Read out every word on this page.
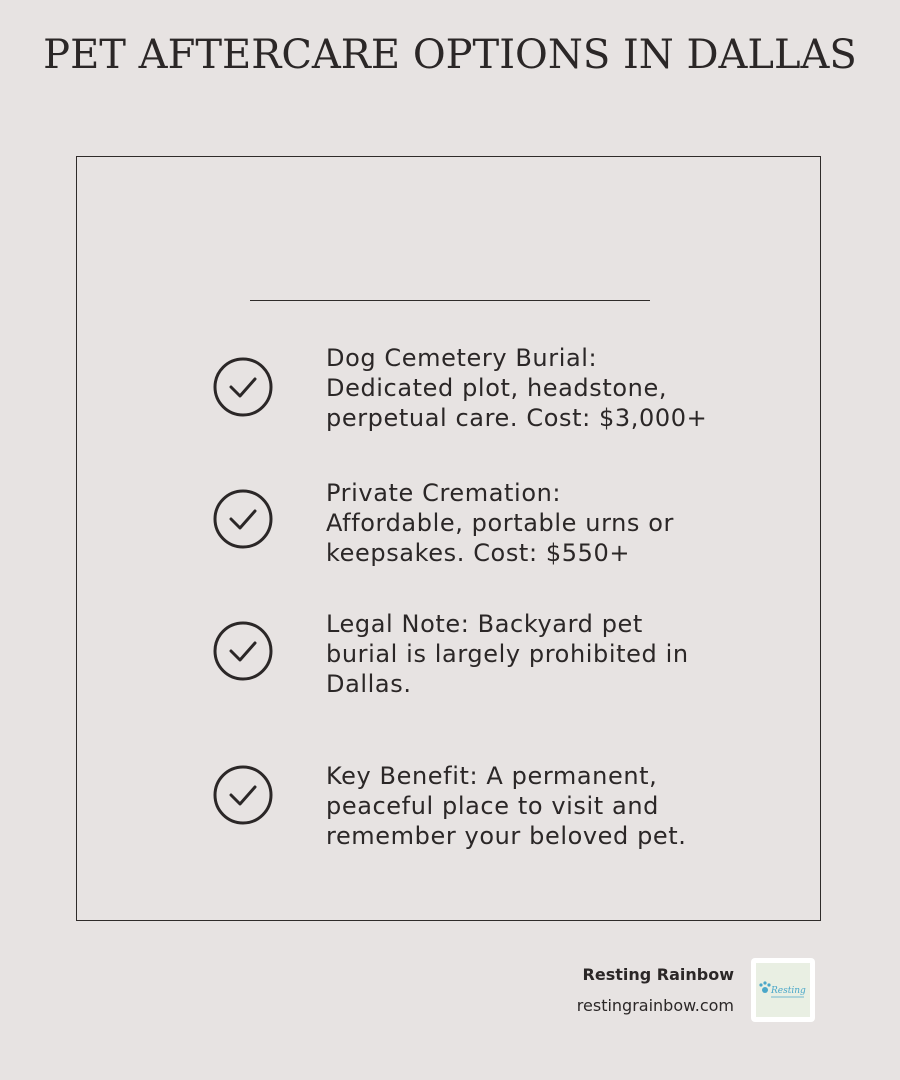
PET AFTERCARE OPTIONS IN DALLAS
Dog Cemetery Burial:
Dedicated plot, headstone,
perpetual care. Cost: $3,000+
Private Cremation:
Affordable, portable urns or
keepsakes. Cost: $550+
Legal Note: Backyard pet
burial is largely prohibited in
Dallas.
Key Benefit: A permanent,
peaceful place to visit and
remember your beloved pet.
Resting Rainbow
restingrainbow.com
Resting
